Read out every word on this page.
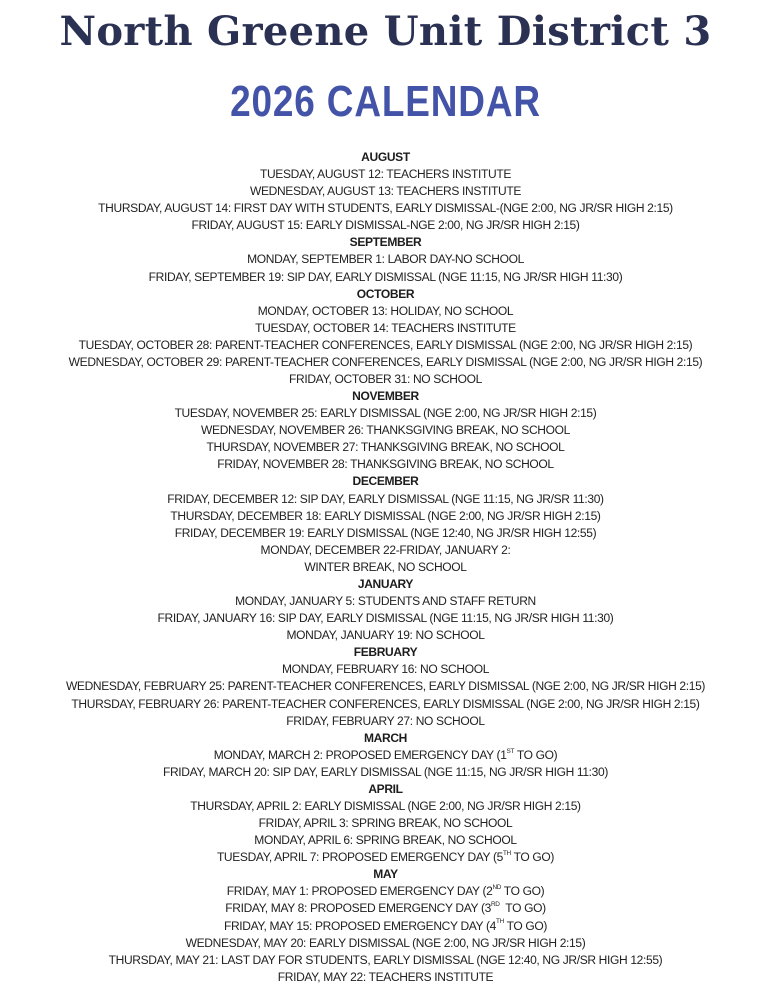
North Greene Unit District 3
2026 CALENDAR
AUGUST
TUESDAY, AUGUST 12: TEACHERS INSTITUTE
WEDNESDAY, AUGUST 13: TEACHERS INSTITUTE
THURSDAY, AUGUST 14: FIRST DAY WITH STUDENTS, EARLY DISMISSAL-(NGE 2:00, NG JR/SR HIGH 2:15)
FRIDAY, AUGUST 15: EARLY DISMISSAL-NGE 2:00, NG JR/SR HIGH 2:15)
SEPTEMBER
MONDAY, SEPTEMBER 1: LABOR DAY-NO SCHOOL
FRIDAY, SEPTEMBER 19: SIP DAY, EARLY DISMISSAL (NGE 11:15, NG JR/SR HIGH 11:30)
OCTOBER
MONDAY, OCTOBER 13: HOLIDAY, NO SCHOOL
TUESDAY, OCTOBER 14: TEACHERS INSTITUTE
TUESDAY, OCTOBER 28: PARENT-TEACHER CONFERENCES, EARLY DISMISSAL (NGE 2:00, NG JR/SR HIGH 2:15)
WEDNESDAY, OCTOBER 29: PARENT-TEACHER CONFERENCES, EARLY DISMISSAL (NGE 2:00, NG JR/SR HIGH 2:15)
FRIDAY, OCTOBER 31: NO SCHOOL
NOVEMBER
TUESDAY, NOVEMBER 25: EARLY DISMISSAL (NGE 2:00, NG JR/SR HIGH 2:15)
WEDNESDAY, NOVEMBER 26: THANKSGIVING BREAK, NO SCHOOL
THURSDAY, NOVEMBER 27: THANKSGIVING BREAK, NO SCHOOL
FRIDAY, NOVEMBER 28: THANKSGIVING BREAK, NO SCHOOL
DECEMBER
FRIDAY, DECEMBER 12: SIP DAY, EARLY DISMISSAL (NGE 11:15, NG JR/SR 11:30)
THURSDAY, DECEMBER 18: EARLY DISMISSAL (NGE 2:00, NG JR/SR HIGH 2:15)
FRIDAY, DECEMBER 19: EARLY DISMISSAL (NGE 12:40, NG JR/SR HIGH 12:55)
MONDAY, DECEMBER 22-FRIDAY, JANUARY 2:
WINTER BREAK, NO SCHOOL
JANUARY
MONDAY, JANUARY 5: STUDENTS AND STAFF RETURN
FRIDAY, JANUARY 16: SIP DAY, EARLY DISMISSAL (NGE 11:15, NG JR/SR HIGH 11:30)
MONDAY, JANUARY 19: NO SCHOOL
FEBRUARY
MONDAY, FEBRUARY 16: NO SCHOOL
WEDNESDAY, FEBRUARY 25: PARENT-TEACHER CONFERENCES, EARLY DISMISSAL (NGE 2:00, NG JR/SR HIGH 2:15)
THURSDAY, FEBRUARY 26: PARENT-TEACHER CONFERENCES, EARLY DISMISSAL (NGE 2:00, NG JR/SR HIGH 2:15)
FRIDAY, FEBRUARY 27: NO SCHOOL
MARCH
MONDAY, MARCH 2: PROPOSED EMERGENCY DAY (1ST TO GO)
FRIDAY, MARCH 20: SIP DAY, EARLY DISMISSAL (NGE 11:15, NG JR/SR HIGH 11:30)
APRIL
THURSDAY, APRIL 2: EARLY DISMISSAL (NGE 2:00, NG JR/SR HIGH 2:15)
FRIDAY, APRIL 3: SPRING BREAK, NO SCHOOL
MONDAY, APRIL 6: SPRING BREAK, NO SCHOOL
TUESDAY, APRIL 7: PROPOSED EMERGENCY DAY (5TH TO GO)
MAY
FRIDAY, MAY 1: PROPOSED EMERGENCY DAY (2ND TO GO)
FRIDAY, MAY 8: PROPOSED EMERGENCY DAY (3RD  TO GO)
FRIDAY, MAY 15: PROPOSED EMERGENCY DAY (4TH TO GO)
WEDNESDAY, MAY 20: EARLY DISMISSAL (NGE 2:00, NG JR/SR HIGH 2:15)
THURSDAY, MAY 21: LAST DAY FOR STUDENTS, EARLY DISMISSAL (NGE 12:40, NG JR/SR HIGH 12:55)
FRIDAY, MAY 22: TEACHERS INSTITUTE
